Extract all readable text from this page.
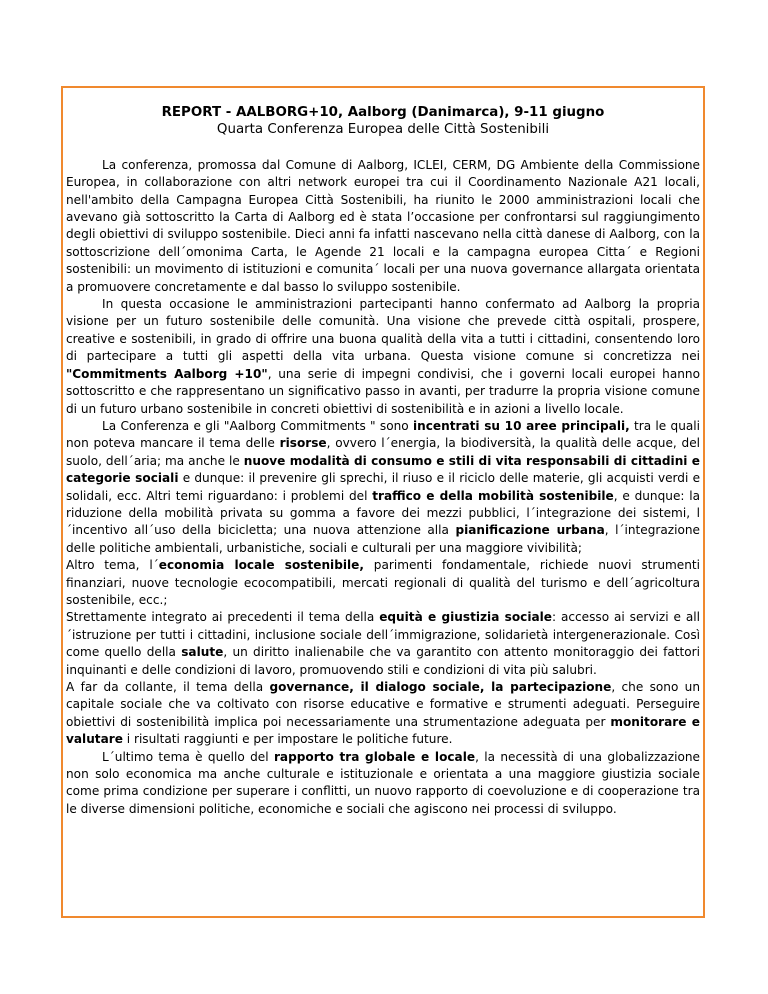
REPORT - AALBORG+10, Aalborg (Danimarca), 9-11 giugno
Quarta Conferenza Europea delle Città Sostenibili

La conferenza, promossa dal Comune di Aalborg, ICLEI, CERM, DG Ambiente della Commissione Europea, in collaborazione con altri network europei tra cui il Coordinamento Nazionale A21 locali, nell'ambito della Campagna Europea Città Sostenibili, ha riunito le 2000 amministrazioni locali che avevano già sottoscritto la Carta di Aalborg ed è stata l’occasione per confrontarsi sul raggiungimento degli obiettivi di sviluppo sostenibile. Dieci anni fa infatti nascevano nella città danese di Aalborg, con la sottoscrizione dell´omonima Carta, le Agende 21 locali e la campagna europea Citta´ e Regioni sostenibili: un movimento di istituzioni e comunita´ locali per una nuova governance allargata orientata a promuovere concretamente e dal basso lo sviluppo sostenibile.

In questa occasione le amministrazioni partecipanti hanno confermato ad Aalborg la propria visione per un futuro sostenibile delle comunità. Una visione che prevede città ospitali, prospere, creative e sostenibili, in grado di offrire una buona qualità della vita a tutti i cittadini, consentendo loro di partecipare a tutti gli aspetti della vita urbana. Questa visione comune si concretizza nei "Commitments Aalborg +10", una serie di impegni condivisi, che i governi locali europei hanno sottoscritto e che rappresentano un significativo passo in avanti, per tradurre la propria visione comune di un futuro urbano sostenibile in concreti obiettivi di sostenibilità e in azioni a livello locale.

La Conferenza e gli "Aalborg Commitments " sono incentrati su 10 aree principali, tra le quali non poteva mancare il tema delle risorse, ovvero l´energia, la biodiversità, la qualità delle acque, del suolo, dell´aria; ma anche le nuove modalità di consumo e stili di vita responsabili di cittadini e categorie sociali e dunque: il prevenire gli sprechi, il riuso e il riciclo delle materie, gli acquisti verdi e solidali, ecc. Altri temi riguardano: i problemi del traffico e della mobilità sostenibile, e dunque: la riduzione della mobilità privata su gomma a favore dei mezzi pubblici, l´integrazione dei sistemi, l´incentivo all´uso della bicicletta; una nuova attenzione alla pianificazione urbana, l´integrazione delle politiche ambientali, urbanistiche, sociali e culturali per una maggiore vivibilità;

Altro tema, l´economia locale sostenibile, parimenti fondamentale, richiede nuovi strumenti finanziari, nuove tecnologie ecocompatibili, mercati regionali di qualità del turismo e dell´agricoltura sostenibile, ecc.;

Strettamente integrato ai precedenti il tema della equità e giustizia sociale: accesso ai servizi e all´istruzione per tutti i cittadini, inclusione sociale dell´immigrazione, solidarietà intergenerazionale. Così come quello della salute, un diritto inalienabile che va garantito con attento monitoraggio dei fattori inquinanti e delle condizioni di lavoro, promuovendo stili e condizioni di vita più salubri.

A far da collante, il tema della governance, il dialogo sociale, la partecipazione, che sono un capitale sociale che va coltivato con risorse educative e formative e strumenti adeguati. Perseguire obiettivi di sostenibilità implica poi necessariamente una strumentazione adeguata per monitorare e valutare i risultati raggiunti e per impostare le politiche future.

L´ultimo tema è quello del rapporto tra globale e locale, la necessità di una globalizzazione non solo economica ma anche culturale e istituzionale e orientata a una maggiore giustizia sociale come prima condizione per superare i conflitti, un nuovo rapporto di coevoluzione e di cooperazione tra le diverse dimensioni politiche, economiche e sociali che agiscono nei processi di sviluppo.
